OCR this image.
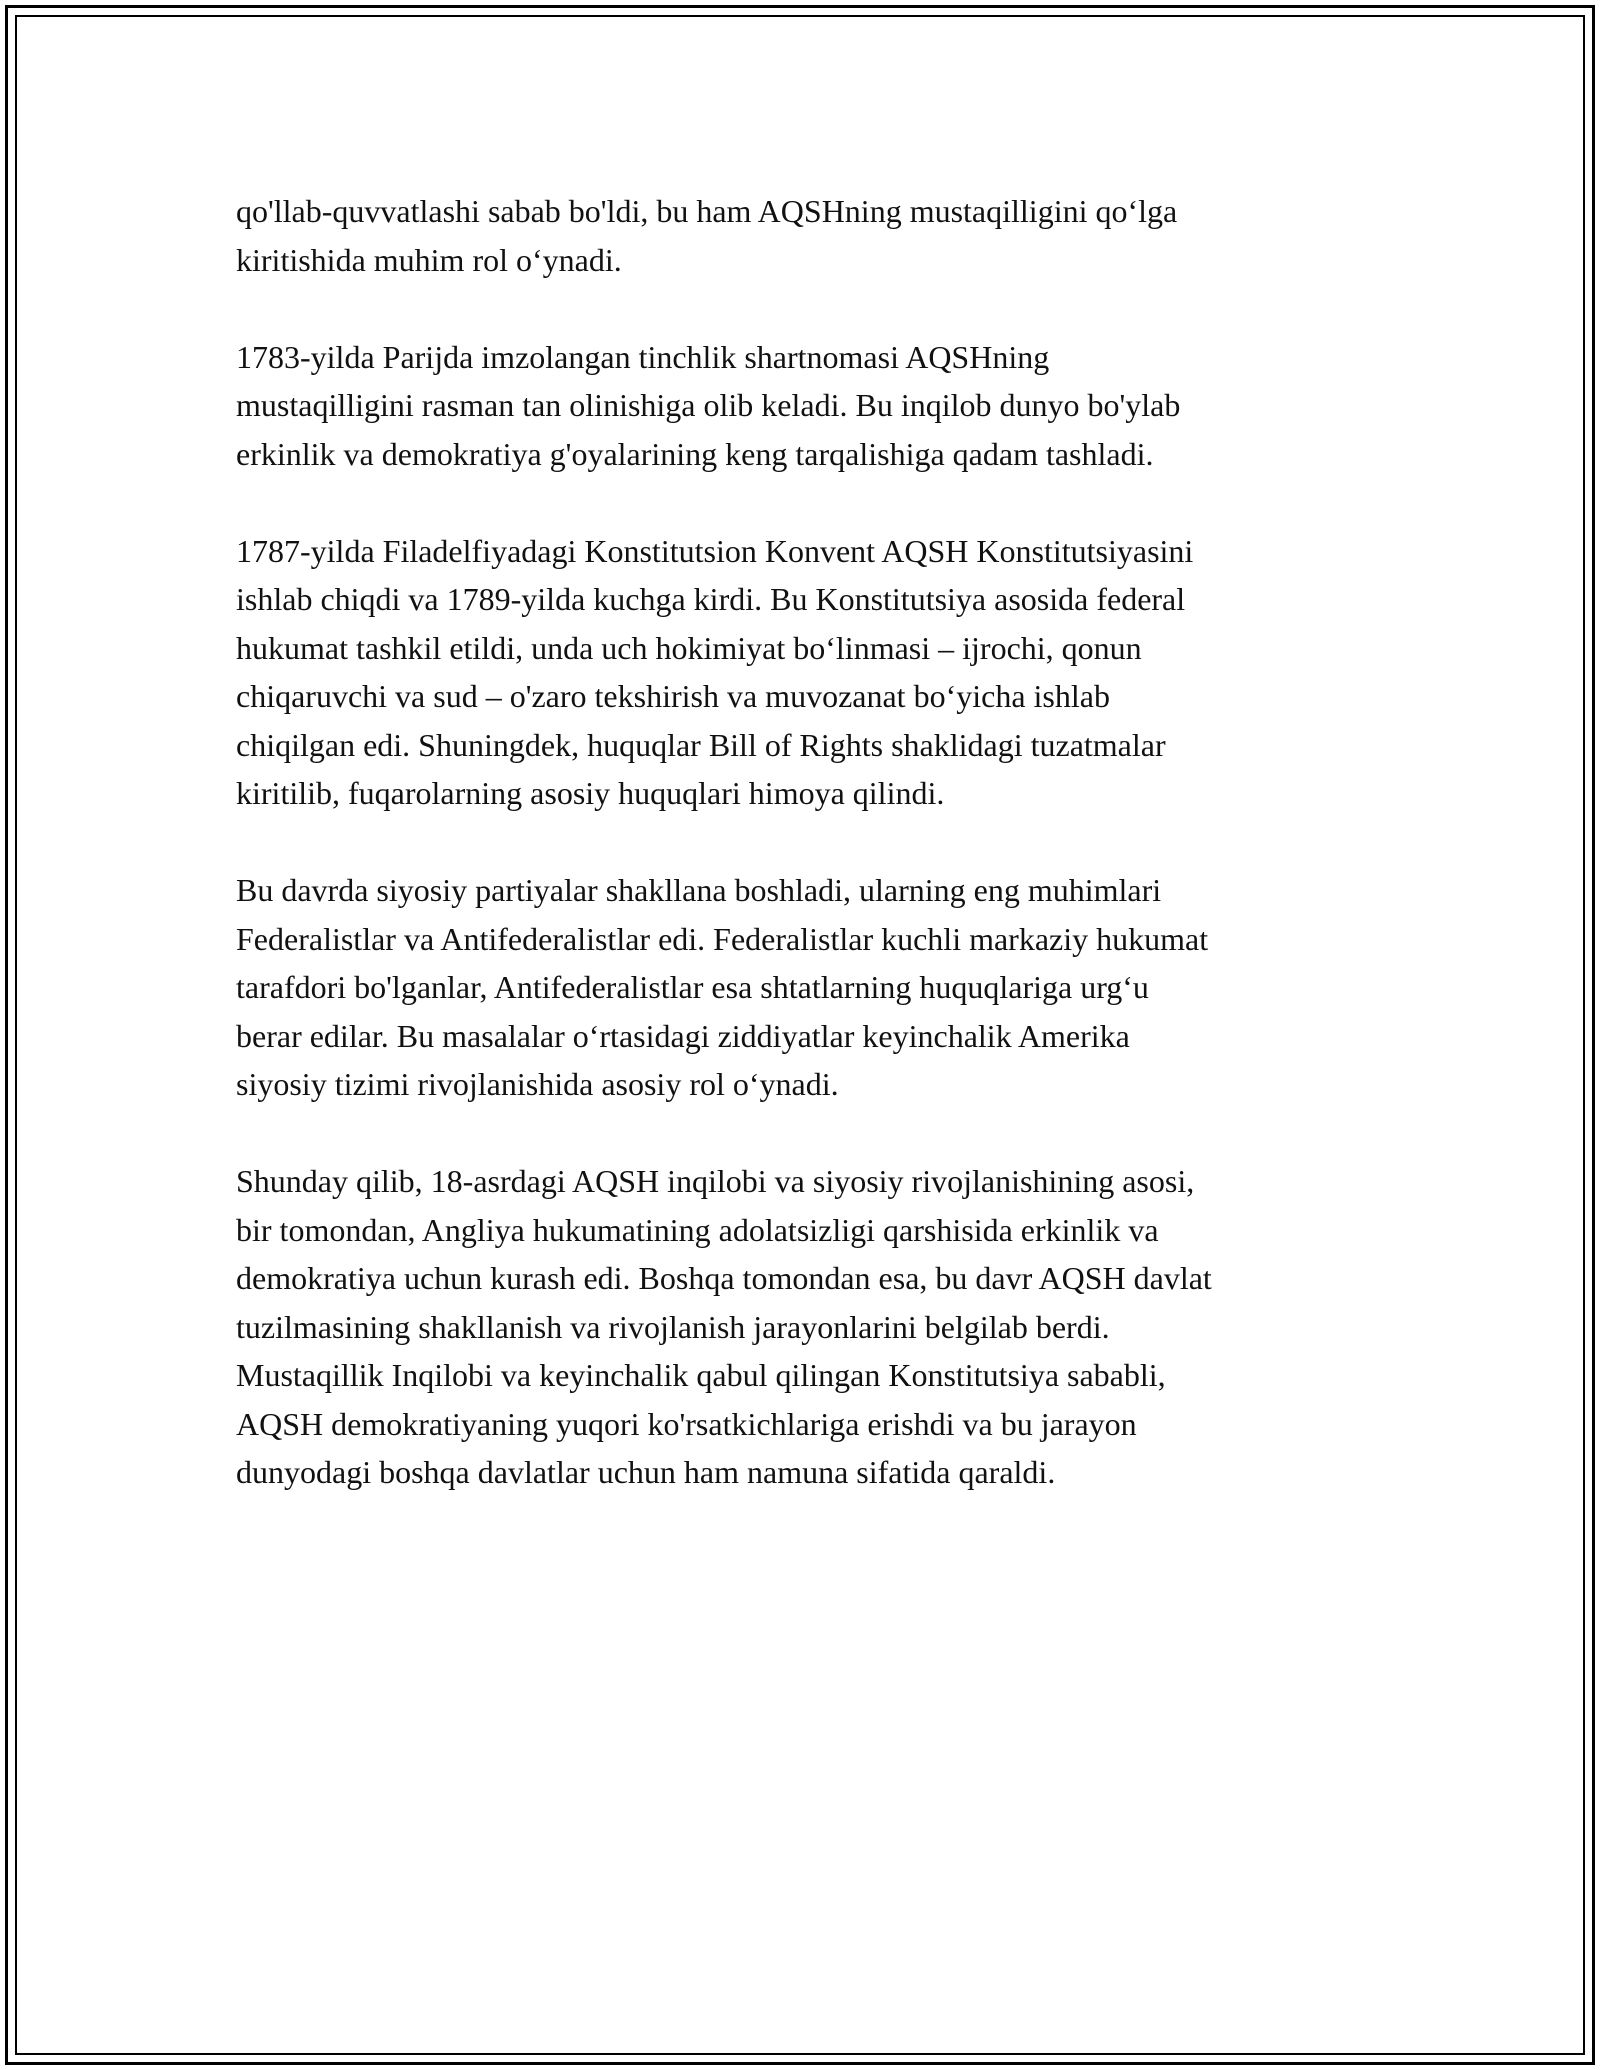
qo'llab-quvvatlashi sabab bo'ldi, bu ham AQSHning mustaqilligini qo‘lga
kiritishida muhim rol o‘ynadi.

1783-yilda Parijda imzolangan tinchlik shartnomasi AQSHning
mustaqilligini rasman tan olinishiga olib keladi. Bu inqilob dunyo bo'ylab
erkinlik va demokratiya g'oyalarining keng tarqalishiga qadam tashladi.

1787-yilda Filadelfiyadagi Konstitutsion Konvent AQSH Konstitutsiyasini
ishlab chiqdi va 1789-yilda kuchga kirdi. Bu Konstitutsiya asosida federal
hukumat tashkil etildi, unda uch hokimiyat bo‘linmasi – ijrochi, qonun
chiqaruvchi va sud – o'zaro tekshirish va muvozanat bo‘yicha ishlab
chiqilgan edi. Shuningdek, huquqlar Bill of Rights shaklidagi tuzatmalar
kiritilib, fuqarolarning asosiy huquqlari himoya qilindi.

Bu davrda siyosiy partiyalar shakllana boshladi, ularning eng muhimlari
Federalistlar va Antifederalistlar edi. Federalistlar kuchli markaziy hukumat
tarafdori bo'lganlar, Antifederalistlar esa shtatlarning huquqlariga urg‘u
berar edilar. Bu masalalar o‘rtasidagi ziddiyatlar keyinchalik Amerika
siyosiy tizimi rivojlanishida asosiy rol o‘ynadi.

Shunday qilib, 18-asrdagi AQSH inqilobi va siyosiy rivojlanishining asosi,
bir tomondan, Angliya hukumatining adolatsizligi qarshisida erkinlik va
demokratiya uchun kurash edi. Boshqa tomondan esa, bu davr AQSH davlat
tuzilmasining shakllanish va rivojlanish jarayonlarini belgilab berdi.
Mustaqillik Inqilobi va keyinchalik qabul qilingan Konstitutsiya sababli,
AQSH demokratiyaning yuqori ko'rsatkichlariga erishdi va bu jarayon
dunyodagi boshqa davlatlar uchun ham namuna sifatida qaraldi.
